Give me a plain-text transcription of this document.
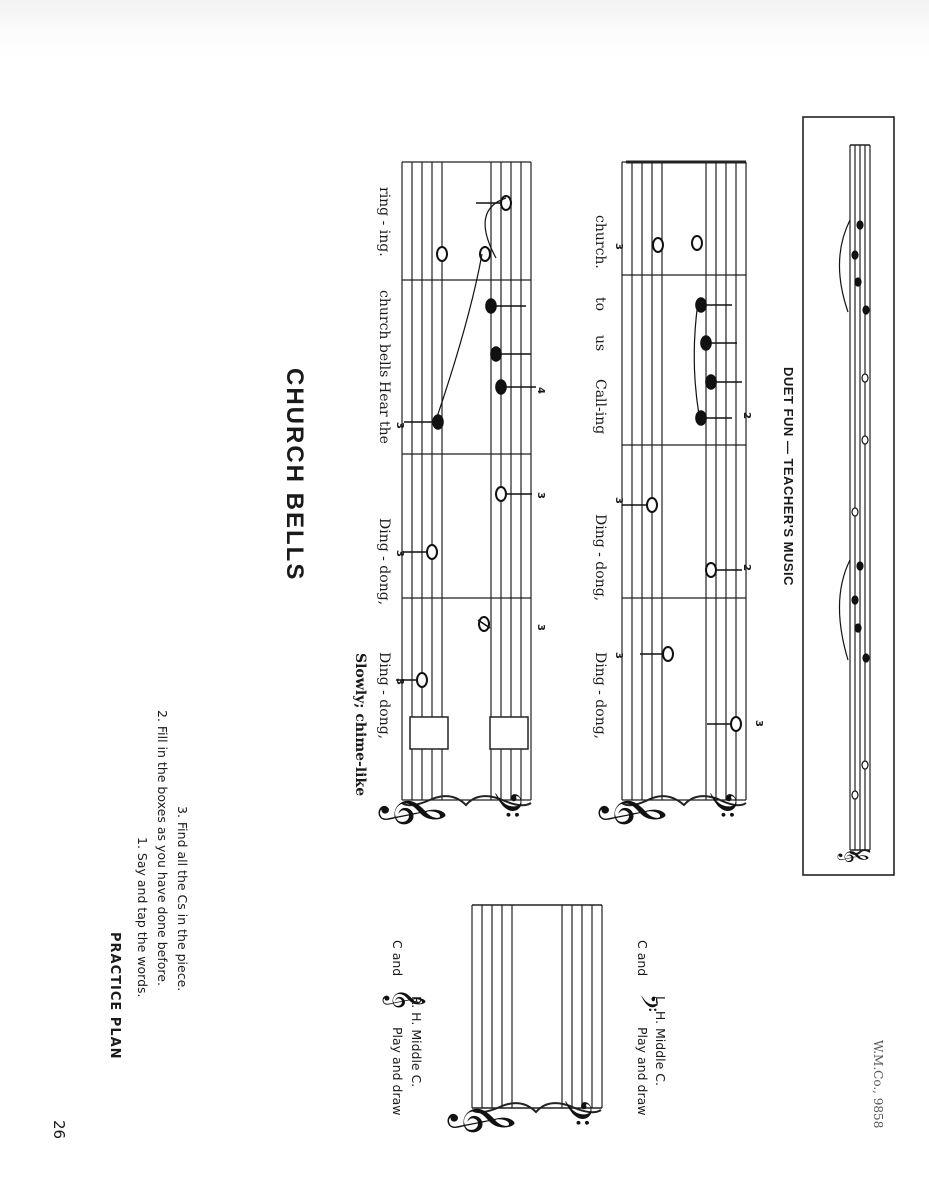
26
PRACTICE PLAN 1. Say and tap the words. 2. Fill in the boxes as you have done before. 3. Find all the Cs in the piece.
Play and draw
C and
R. H. Middle C.	Play and draw
C and
L. H. Middle C.
CHURCH BELLS
Slowly; chime-like Ding - dong,
Ding - dong,
Hear the
church bells
ring - ing.
Ding - dong,
Ding - dong,
Call-ing
us
to
church.
3
3
3
3
3
4
3
3
3
3
2
2 DUET FUN — TEACHER'S MUSIC
W.M.Co., 9858
𝄞 𝄢 𝄞 𝄢
𝄞 𝄢
𝄞	𝄢
𝄞
